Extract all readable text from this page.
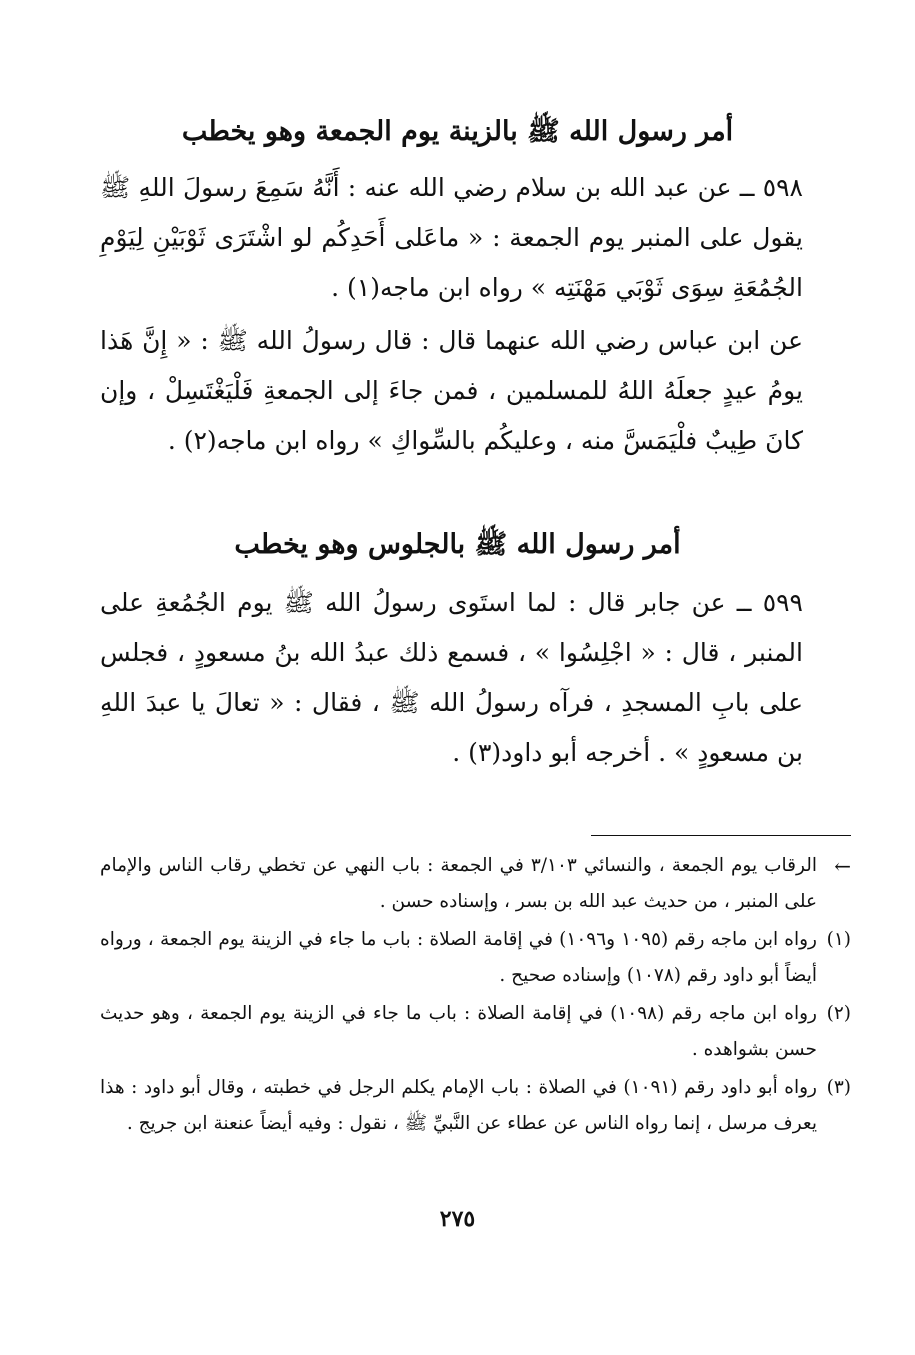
أمر رسول الله ﷺ بالزينة يوم الجمعة وهو يخطب

٥٩٨ ــ عن عبد الله بن سلام رضي الله عنه : أَنَّهُ سَمِعَ رسولَ اللهِ ﷺ يقول على المنبر يوم الجمعة : « ماعَلى أَحَدِكُم لو اشْتَرَى ثَوْبَيْنِ لِيَوْمِ الجُمُعَةِ سِوَى ثَوْبَي مَهْنَتِه » رواه ابن ماجه(١) .

عن ابن عباس رضي الله عنهما قال : قال رسولُ الله ﷺ : « إِنَّ هَذا يومُ عيدٍ جعلَهُ اللهُ للمسلمين ، فمن جاءَ إلى الجمعةِ فَلْيَغْتَسِلْ ، وإن كانَ طِيبٌ فلْيَمَسَّ منه ، وعليكُم بالسِّواكِ » رواه ابن ماجه(٢) .

أمر رسول الله ﷺ بالجلوس وهو يخطب

٥٩٩ ــ عن جابر قال : لما استَوى رسولُ الله ﷺ يوم الجُمُعةِ على المنبر ، قال : « اجْلِسُوا » ، فسمع ذلك عبدُ الله بنُ مسعودٍ ، فجلس على بابِ المسجدِ ، فرآه رسولُ الله ﷺ ، فقال : « تعالَ يا عبدَ اللهِ بن مسعودٍ » . أخرجه أبو داود(٣) .

←
الرقاب يوم الجمعة ، والنسائي ٣/١٠٣ في الجمعة : باب النهي عن تخطي رقاب الناس والإمام على المنبر ، من حديث عبد الله بن بسر ، وإسناده حسن .
(١)
رواه ابن ماجه رقم (١٠٩٥ و١٠٩٦) في إقامة الصلاة : باب ما جاء في الزينة يوم الجمعة ، ورواه أيضاً أبو داود رقم (١٠٧٨) وإسناده صحيح .
(٢)
رواه ابن ماجه رقم (١٠٩٨) في إقامة الصلاة : باب ما جاء في الزينة يوم الجمعة ، وهو حديث حسن بشواهده .
(٣)
رواه أبو داود رقم (١٠٩١) في الصلاة : باب الإمام يكلم الرجل في خطبته ، وقال أبو داود : هذا يعرف مرسل ، إنما رواه الناس عن عطاء عن النَّبيِّ ﷺ ، نقول : وفيه أيضاً عنعنة ابن جريج .
٢٧٥
